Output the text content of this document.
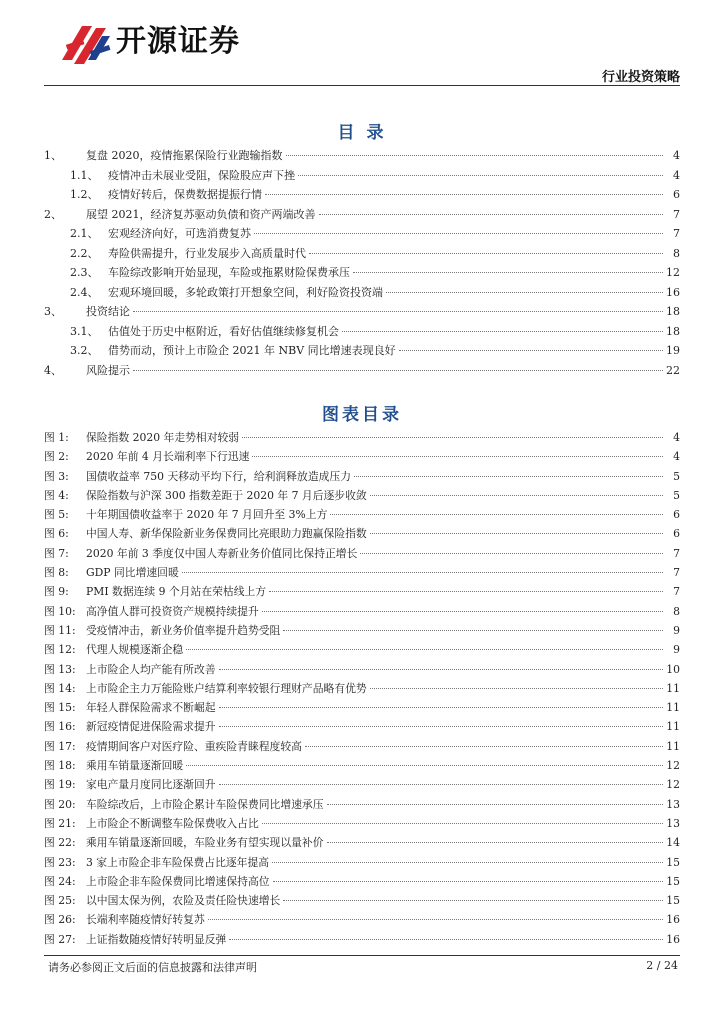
开源证券
行业投资策略
目 录
1、	复盘 2020，疫情拖累保险行业跑输指数	4
1.1、 疫情冲击未展业受阻，保险股应声下挫	4
1.2、 疫情好转后，保费数据提振行情	6
2、	展望 2021，经济复苏驱动负债和资产两端改善	7
2.1、 宏观经济向好，可选消费复苏	7
2.2、 寿险供需提升，行业发展步入高质量时代	8
2.3、 车险综改影响开始显现，车险或拖累财险保费承压	12
2.4、 宏观环境回暖，多轮政策打开想象空间，利好险资投资端	16
3、	投资结论	18
3.1、 估值处于历史中枢附近，看好估值继续修复机会	18
3.2、 借势而动，预计上市险企 2021 年 NBV 同比增速表现良好	19
4、	风险提示	22
图表目录
图 1:	保险指数 2020 年走势相对较弱	4
图 2:	2020 年前 4 月长端利率下行迅速	4
图 3:	国债收益率 750 天移动平均下行，给利润释放造成压力	5
图 4:	保险指数与沪深 300 指数差距于 2020 年 7 月后逐步收敛	5
图 5:	十年期国债收益率于 2020 年 7 月回升至 3%上方	6
图 6:	中国人寿、新华保险新业务保费同比亮眼助力跑赢保险指数	6
图 7:	2020 年前 3 季度仅中国人寿新业务价值同比保持正增长	7
图 8:	GDP 同比增速回暖	7
图 9:	PMI 数据连续 9 个月站在荣枯线上方	7
图 10: 高净值人群可投资资产规模持续提升	8
图 11: 受疫情冲击，新业务价值率提升趋势受阻	9
图 12: 代理人规模逐渐企稳	9
图 13: 上市险企人均产能有所改善	10
图 14: 上市险企主力万能险账户结算利率较银行理财产品略有优势	11
图 15: 年轻人群保险需求不断崛起	11
图 16: 新冠疫情促进保险需求提升	11
图 17: 疫情期间客户对医疗险、重疾险青睐程度较高	11
图 18: 乘用车销量逐渐回暖	12
图 19: 家电产量月度同比逐渐回升	12
图 20: 车险综改后，上市险企累计车险保费同比增速承压	13
图 21: 上市险企不断调整车险保费收入占比	13
图 22: 乘用车销量逐渐回暖，车险业务有望实现以量补价	14
图 23: 3 家上市险企非车险保费占比逐年提高	15
图 24: 上市险企非车险保费同比增速保持高位	15
图 25: 以中国太保为例，农险及责任险快速增长	15
图 26: 长端利率随疫情好转复苏	16
图 27: 上证指数随疫情好转明显反弹	16
请务必参阅正文后面的信息披露和法律声明	2 / 24
